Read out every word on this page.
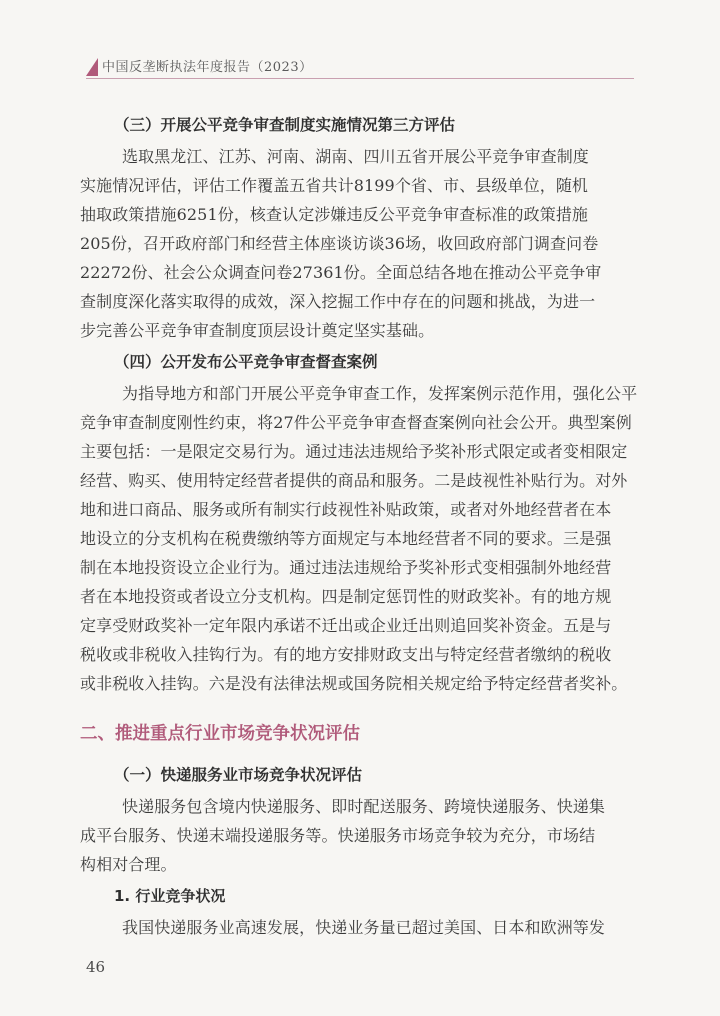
中国反垄断执法年度报告（2023）
（三）开展公平竞争审查制度实施情况第三方评估
选取黑龙江、江苏、河南、湖南、四川五省开展公平竞争审查制度
实施情况评估，评估工作覆盖五省共计8199个省、市、县级单位，随机
抽取政策措施6251份，核查认定涉嫌违反公平竞争审查标准的政策措施
205份，召开政府部门和经营主体座谈访谈36场，收回政府部门调查问卷
22272份、社会公众调查问卷27361份。全面总结各地在推动公平竞争审
查制度深化落实取得的成效，深入挖掘工作中存在的问题和挑战，为进一
步完善公平竞争审查制度顶层设计奠定坚实基础。
（四）公开发布公平竞争审查督查案例
为指导地方和部门开展公平竞争审查工作，发挥案例示范作用，强化公平
竞争审查制度刚性约束，将27件公平竞争审查督查案例向社会公开。典型案例
主要包括：一是限定交易行为。通过违法违规给予奖补形式限定或者变相限定
经营、购买、使用特定经营者提供的商品和服务。二是歧视性补贴行为。对外
地和进口商品、服务或所有制实行歧视性补贴政策，或者对外地经营者在本
地设立的分支机构在税费缴纳等方面规定与本地经营者不同的要求。三是强
制在本地投资设立企业行为。通过违法违规给予奖补形式变相强制外地经营
者在本地投资或者设立分支机构。四是制定惩罚性的财政奖补。有的地方规
定享受财政奖补一定年限内承诺不迁出或企业迁出则追回奖补资金。五是与
税收或非税收入挂钩行为。有的地方安排财政支出与特定经营者缴纳的税收
或非税收入挂钩。六是没有法律法规或国务院相关规定给予特定经营者奖补。
二、推进重点行业市场竞争状况评估
（一）快递服务业市场竞争状况评估
快递服务包含境内快递服务、即时配送服务、跨境快递服务、快递集
成平台服务、快递末端投递服务等。快递服务市场竞争较为充分，市场结
构相对合理。
1. 行业竞争状况
我国快递服务业高速发展，快递业务量已超过美国、日本和欧洲等发
46
